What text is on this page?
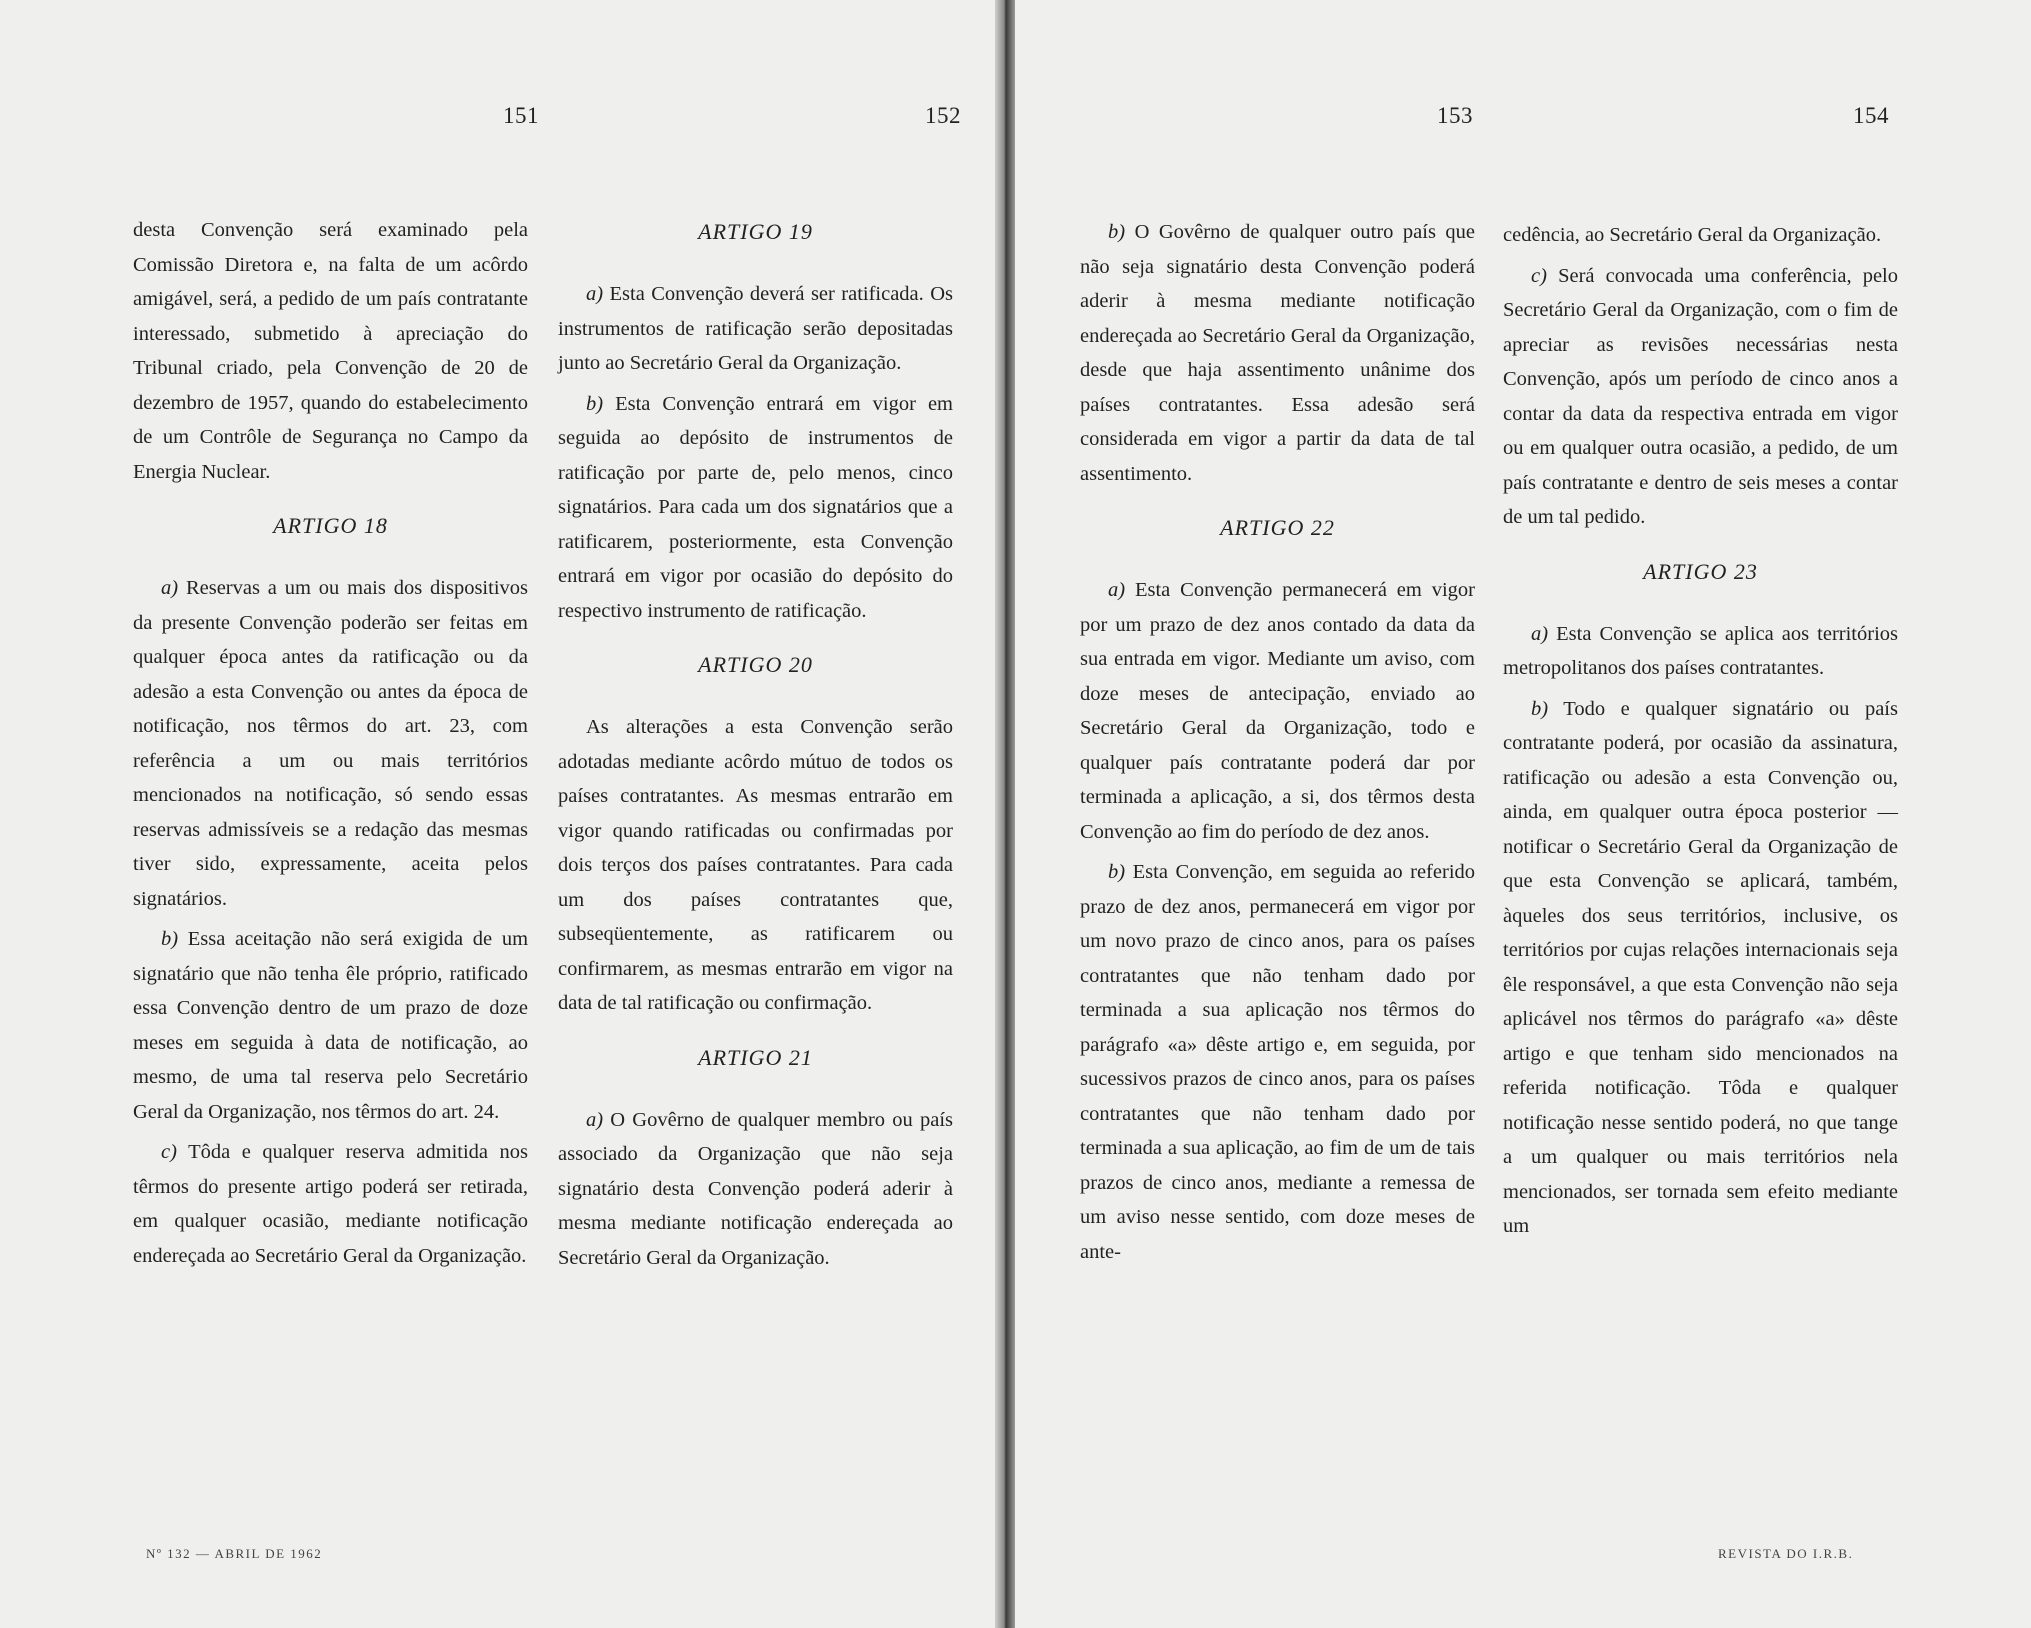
151	152	153	154

desta Convenção será examinado pela Comissão Diretora e, na falta de um acôrdo amigável, será, a pedido de um país contratante interessado, submetido à apreciação do Tribunal criado, pela Convenção de 20 de dezembro de 1957, quando do estabelecimento de um Contrôle de Segurança no Campo da Energia Nuclear.

ARTIGO 18

a) Reservas a um ou mais dos dispositivos da presente Convenção poderão ser feitas em qualquer época antes da ratificação ou da adesão a esta Convenção ou antes da época de notificação, nos têrmos do art. 23, com referência a um ou mais territórios mencionados na notificação, só sendo essas reservas admissíveis se a redação das mesmas tiver sido, expressamente, aceita pelos signatários.

b) Essa aceitação não será exigida de um signatário que não tenha êle próprio, ratificado essa Convenção dentro de um prazo de doze meses em seguida à data de notificação, ao mesmo, de uma tal reserva pelo Secretário Geral da Organização, nos têrmos do art. 24.

c) Tôda e qualquer reserva admitida nos têrmos do presente artigo poderá ser retirada, em qualquer ocasião, mediante notificação endereçada ao Secretário Geral da Organização.

ARTIGO 19

a) Esta Convenção deverá ser ratificada. Os instrumentos de ratificação serão depositadas junto ao Secretário Geral da Organização.

b) Esta Convenção entrará em vigor em seguida ao depósito de instrumentos de ratificação por parte de, pelo menos, cinco signatários. Para cada um dos signatários que a ratificarem, posteriormente, esta Convenção entrará em vigor por ocasião do depósito do respectivo instrumento de ratificação.

ARTIGO 20

As alterações a esta Convenção serão adotadas mediante acôrdo mútuo de todos os países contratantes. As mesmas entrarão em vigor quando ratificadas ou confirmadas por dois terços dos países contratantes. Para cada um dos países contratantes que, subseqüentemente, as ratificarem ou confirmarem, as mesmas entrarão em vigor na data de tal ratificação ou confirmação.

ARTIGO 21

a) O Govêrno de qualquer membro ou país associado da Organização que não seja signatário desta Convenção poderá aderir à mesma mediante notificação endereçada ao Secretário Geral da Organização.

b) O Govêrno de qualquer outro país que não seja signatário desta Convenção poderá aderir à mesma mediante notificação endereçada ao Secretário Geral da Organização, desde que haja assentimento unânime dos países contratantes. Essa adesão será considerada em vigor a partir da data de tal assentimento.

ARTIGO 22

a) Esta Convenção permanecerá em vigor por um prazo de dez anos contado da data da sua entrada em vigor. Mediante um aviso, com doze meses de antecipação, enviado ao Secretário Geral da Organização, todo e qualquer país contratante poderá dar por terminada a aplicação, a si, dos têrmos desta Convenção ao fim do período de dez anos.

b) Esta Convenção, em seguida ao referido prazo de dez anos, permanecerá em vigor por um novo prazo de cinco anos, para os países contratantes que não tenham dado por terminada a sua aplicação nos têrmos do parágrafo «a» dêste artigo e, em seguida, por sucessivos prazos de cinco anos, para os países contratantes que não tenham dado por terminada a sua aplicação, ao fim de um de tais prazos de cinco anos, mediante a remessa de um aviso nesse sentido, com doze meses de ante-

cedência, ao Secretário Geral da Organização.

c) Será convocada uma conferência, pelo Secretário Geral da Organização, com o fim de apreciar as revisões necessárias nesta Convenção, após um período de cinco anos a contar da data da respectiva entrada em vigor ou em qualquer outra ocasião, a pedido, de um país contratante e dentro de seis meses a contar de um tal pedido.

ARTIGO 23

a) Esta Convenção se aplica aos territórios metropolitanos dos países contratantes.

b) Todo e qualquer signatário ou país contratante poderá, por ocasião da assinatura, ratificação ou adesão a esta Convenção ou, ainda, em qualquer outra época posterior — notificar o Secretário Geral da Organização de que esta Convenção se aplicará, também, àqueles dos seus territórios, inclusive, os territórios por cujas relações internacionais seja êle responsável, a que esta Convenção não seja aplicável nos têrmos do parágrafo «a» dêste artigo e que tenham sido mencionados na referida notificação. Tôda e qualquer notificação nesse sentido poderá, no que tange a um qualquer ou mais territórios nela mencionados, ser tornada sem efeito mediante um

Nº 132 — ABRIL DE 1962	REVISTA DO I.R.B.
